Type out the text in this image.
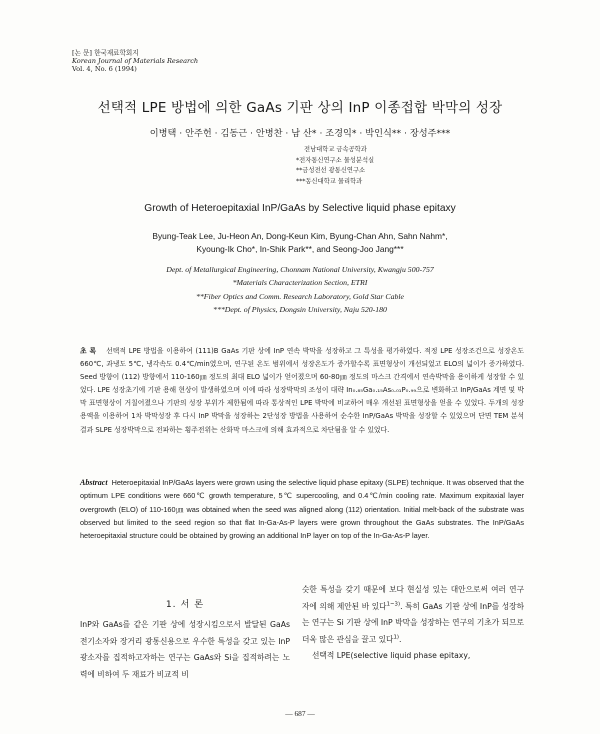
[논 문] 한국재료학회지
Korean Journal of Materials Research
Vol. 4, No. 6 (1994)
선택적 LPE 방법에 의한 GaAs 기판 상의 InP 이종접합 박막의 성장
이병택 · 안주헌 · 김동근 · 안병찬 · 남 산* · 조경익* · 박인식** · 장성주***
전남대학교 금속공학과
*전자통신연구소 물성분석실
**금성전선 광통신연구소
***동신대학교 물리학과
Growth of Heteroepitaxial InP/GaAs by Selective liquid phase epitaxy
Byung-Teak Lee, Ju-Heon An, Dong-Keun Kim, Byung-Chan Ahn, Sahn Nahm*,
Kyoung-Ik Cho*, In-Shik Park**, and Seong-Joo Jang***
Dept. of Metallurgical Engineering, Chonnam National University, Kwangju 500-757
*Materials Characterization Section, ETRI
**Fiber Optics and Comm. Research Laboratory, Gold Star Cable
***Dept. of Physics, Dongsin University, Naju 520-180
초 록 선택적 LPE 방법을 이용하여 (111)B GaAs 기판 상에 InP 연속 박막을 성장하고 그 특성을 평가하였다. 적정 LPE 성장조건으로 성장온도 660℃, 과냉도 5℃, 냉각속도 0.4℃/min였으며, 연구된 온도 범위에서 성장온도가 증가할수록 표면형상이 개선되었고 ELO의 넓이가 증가하였다. Seed 방향이 (112) 방향에서 110-160㎛ 정도의 최대 ELO 넓이가 얻어졌으며 60-80㎛ 정도의 마스크 간격에서 연속박막을 용이하게 성장할 수 있었다. LPE 성장초기에 기판 용해 현상이 발생하였으며 이에 따라 성장박막의 조성이 대략 In₀.₈₅Ga₀.₁₅As₀.₀₁P₀.₉₉으로 변화하고 InP/GaAs 계면 및 박막 표면형상이 거칠어졌으나 기판의 성장 부위가 제한됨에 따라 통상적인 LPE 박막에 비교하여 매우 개선된 표면형상을 얻을 수 있었다. 두개의 성장용액을 이용하여 1차 박막성장 후 다시 InP 박막을 성장하는 2단성장 방법을 사용하여 순수한 InP/GaAs 박막을 성장할 수 있었으며 단면 TEM 분석 결과 SLPE 성장박막으로 전파하는 횡주전위는 산화막 마스크에 의해 효과적으로 차단됨을 알 수 있었다.
Abstract Heteroepitaxial InP/GaAs layers were grown using the selective liquid phase epitaxy (SLPE) technique. It was observed that the optimum LPE conditions were 660℃ growth temperature, 5℃ supercooling, and 0.4℃/min cooling rate. Maximum expitaxial layer overgrowth (ELO) of 110-160㎛ was obtained when the seed was aligned along (112) orientation. Initial melt-back of the substrate was observed but limited to the seed region so that flat In-Ga-As-P layers were grown throughout the GaAs substrates. The InP/GaAs heteroepitaxial structure could be obtained by growing an additional InP layer on top of the In-Ga-As-P layer.
1. 서 론
InP와 GaAs를 같은 기판 상에 성장시킴으로서 발달된 GaAs 전기소자와 장거리 광통신용으로 우수한 특성을 갖고 있는 InP 광소자를 집적하고자하는 연구는 GaAs와 Si을 집적하려는 노력에 비하여 두 재료가 비교적 비
슷한 특성을 갖기 때문에 보다 현실성 있는 대안으로써 여러 연구자에 의해 제안된 바 있다$^{1\sim 3)}$. 특히 GaAs 기판 상에 InP를 성장하는 연구는 Si 기판 상에 InP 박막을 성장하는 연구의 기초가 되므로 더욱 많은 관심을 끌고 있다$^{1)}$.
선택적 LPE(selective liquid phase epitaxy,
— 687 —
